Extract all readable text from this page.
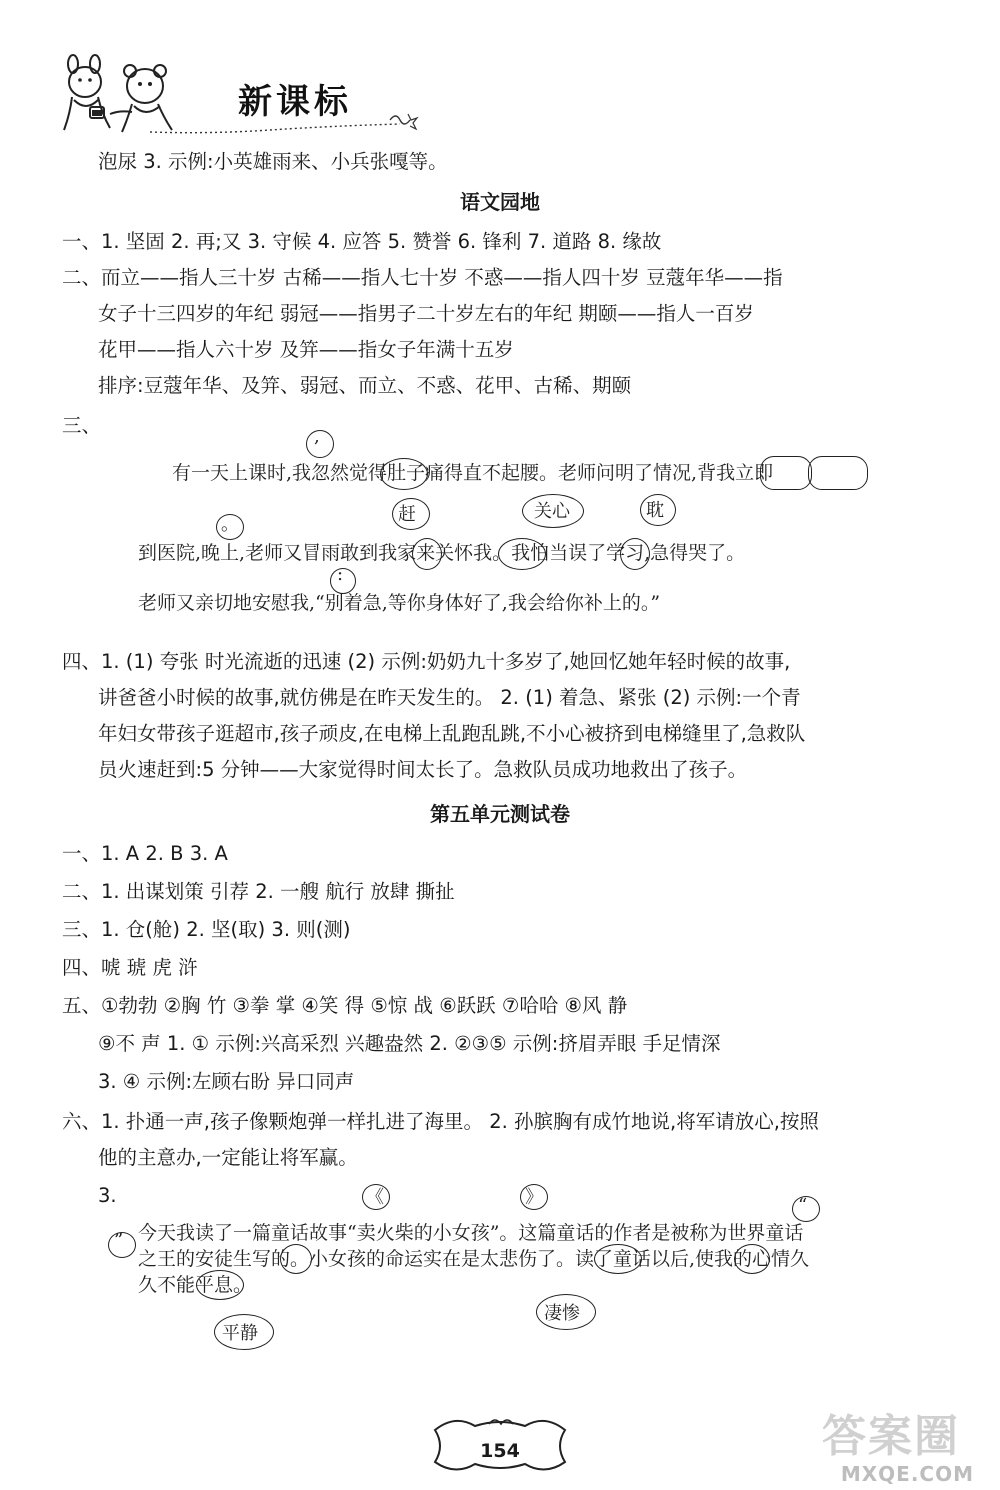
新课标
泡尿 3. 示例:小英雄雨来、小兵张嘎等。
语文园地
一、1. 坚固 2. 再;又 3. 守候 4. 应答 5. 赞誉 6. 锋利 7. 道路 8. 缘故
二、而立——指人三十岁 古稀——指人七十岁 不惑——指人四十岁 豆蔻年华——指
女子十三四岁的年纪 弱冠——指男子二十岁左右的年纪 期颐——指人一百岁
花甲——指人六十岁 及笄——指女子年满十五岁
排序:豆蔻年华、及笄、弱冠、而立、不惑、花甲、古稀、期颐
三、
有一天上课时,我忽然觉得肚子痛得直不起腰。老师问明了情况,背我立即
到医院,晚上,老师又冒雨敢到我家来关怀我。我怕当误了学习,急得哭了。
老师又亲切地安慰我,“别着急,等你身体好了,我会给你补上的。”
,
赶	关心	耽
。
:
四、1. (1) 夸张 时光流逝的迅速 (2) 示例:奶奶九十多岁了,她回忆她年轻时候的故事,
讲爸爸小时候的故事,就仿佛是在昨天发生的。 2. (1) 着急、紧张 (2) 示例:一个青
年妇女带孩子逛超市,孩子顽皮,在电梯上乱跑乱跳,不小心被挤到电梯缝里了,急救队
员火速赶到:5 分钟——大家觉得时间太长了。急救队员成功地救出了孩子。
第五单元测试卷
一、1. A 2. B 3. A
二、1. 出谋划策 引荐 2. 一艘 航行 放肆 撕扯
三、1. 仓(舱) 2. 坚(取) 3. 则(测)
四、唬 琥 虎 浒
五、①勃勃 ②胸 竹 ③拳 掌 ④笑 得 ⑤惊 战 ⑥跃跃 ⑦哈哈 ⑧风 静
⑨不 声 1. ① 示例:兴高采烈 兴趣盎然 2. ②③⑤ 示例:挤眉弄眼 手足情深
3. ④ 示例:左顾右盼 异口同声
六、1. 扑通一声,孩子像颗炮弹一样扎进了海里。 2. 孙膑胸有成竹地说,将军请放心,按照
他的主意办,一定能让将军赢。
3.
今天我读了一篇童话故事“卖火柴的小女孩”。这篇童话的作者是被称为世界童话
之王的安徒生写的。小女孩的命运实在是太悲伤了。读了童话以后,使我的心情久
久不能平息。
《	》
”
“
平静
凄惨
154	答案圈
MXQE.COM
